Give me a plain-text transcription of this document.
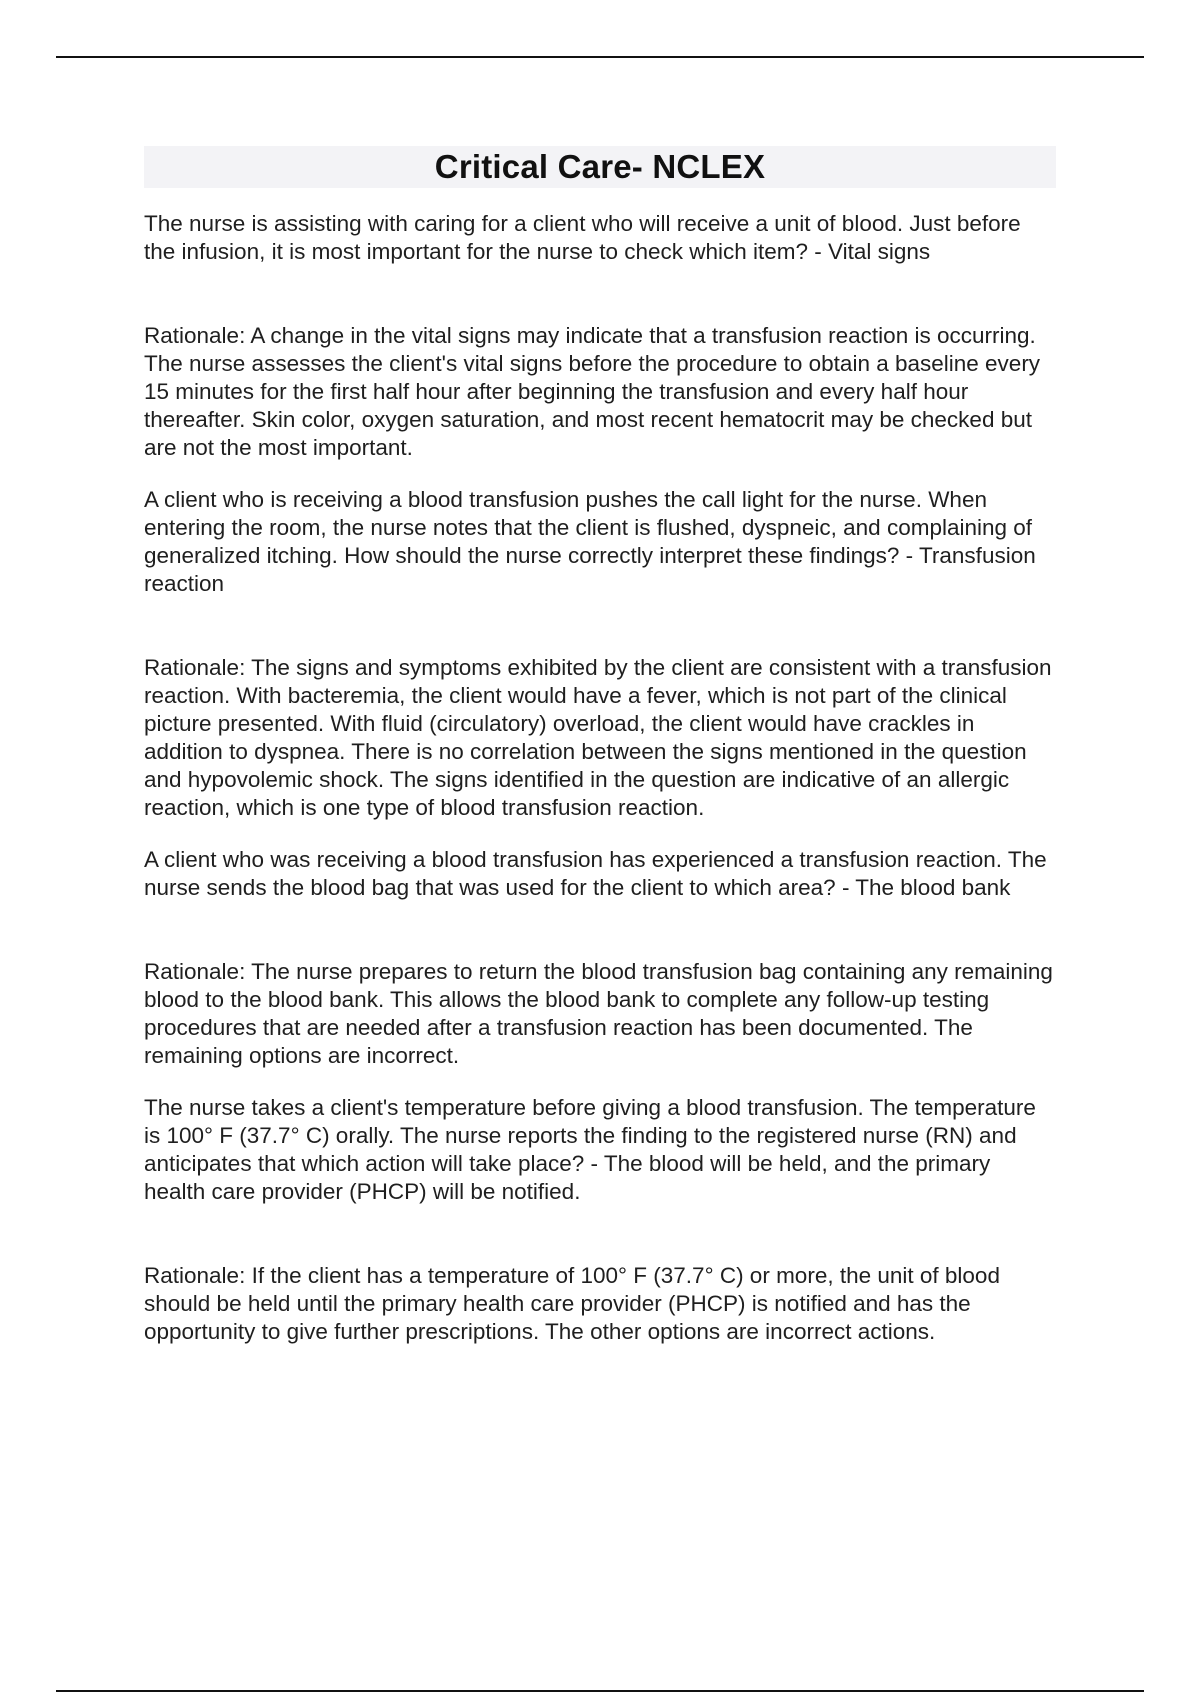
Critical Care- NCLEX

The nurse is assisting with caring for a client who will receive a unit of blood. Just before the infusion, it is most important for the nurse to check which item? - Vital signs

Rationale: A change in the vital signs may indicate that a transfusion reaction is occurring. The nurse assesses the client's vital signs before the procedure to obtain a baseline every 15 minutes for the first half hour after beginning the transfusion and every half hour thereafter. Skin color, oxygen saturation, and most recent hematocrit may be checked but are not the most important.

A client who is receiving a blood transfusion pushes the call light for the nurse. When entering the room, the nurse notes that the client is flushed, dyspneic, and complaining of generalized itching. How should the nurse correctly interpret these findings? - Transfusion reaction

Rationale: The signs and symptoms exhibited by the client are consistent with a transfusion reaction. With bacteremia, the client would have a fever, which is not part of the clinical picture presented. With fluid (circulatory) overload, the client would have crackles in addition to dyspnea. There is no correlation between the signs mentioned in the question and hypovolemic shock. The signs identified in the question are indicative of an allergic reaction, which is one type of blood transfusion reaction.

A client who was receiving a blood transfusion has experienced a transfusion reaction. The nurse sends the blood bag that was used for the client to which area? - The blood bank

Rationale: The nurse prepares to return the blood transfusion bag containing any remaining blood to the blood bank. This allows the blood bank to complete any follow-up testing procedures that are needed after a transfusion reaction has been documented. The remaining options are incorrect.

The nurse takes a client's temperature before giving a blood transfusion. The temperature is 100° F (37.7° C) orally. The nurse reports the finding to the registered nurse (RN) and anticipates that which action will take place? - The blood will be held, and the primary health care provider (PHCP) will be notified.

Rationale: If the client has a temperature of 100° F (37.7° C) or more, the unit of blood should be held until the primary health care provider (PHCP) is notified and has the opportunity to give further prescriptions. The other options are incorrect actions.
